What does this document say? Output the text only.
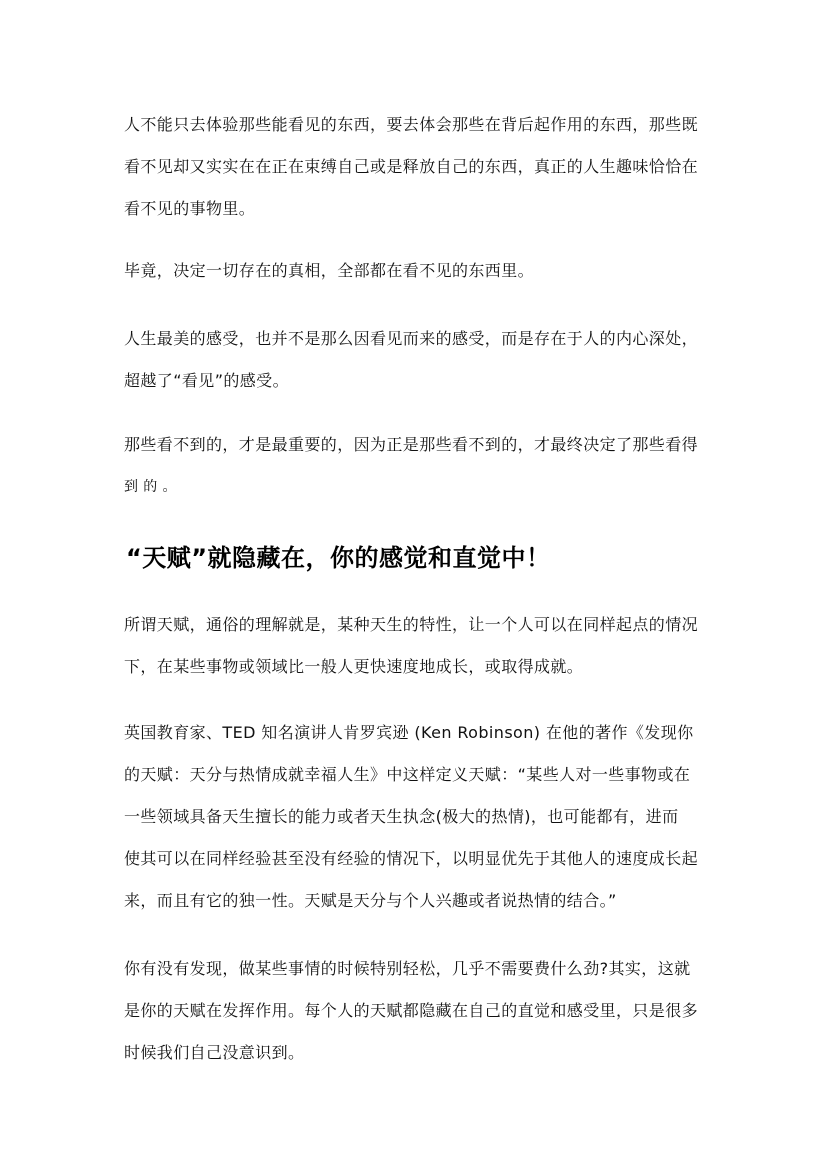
人不能只去体验那些能看见的东西，要去体会那些在背后起作用的东西，那些既
看不见却又实实在在正在束缚自己或是释放自己的东西，真正的人生趣味恰恰在
看不见的事物里。
毕竟，决定一切存在的真相，全部都在看不见的东西里。
人生最美的感受，也并不是那么因看见而来的感受，而是存在于人的内心深处，
超越了“看见”的感受。
那些看不到的，才是最重要的，因为正是那些看不到的，才最终决定了那些看得
到 的 。
“天赋”就隐藏在，你的感觉和直觉中！
所谓天赋，通俗的理解就是，某种天生的特性，让一个人可以在同样起点的情况
下，在某些事物或领域比一般人更快速度地成长，或取得成就。
英国教育家、TED 知名演讲人肯罗宾逊 (Ken Robinson) 在他的著作《发现你
的天赋：天分与热情成就幸福人生》中这样定义天赋：“某些人对一些事物或在
一些领域具备天生擅长的能力或者天生执念(极大的热情)，也可能都有，进而
使其可以在同样经验甚至没有经验的情况下，以明显优先于其他人的速度成长起
来，而且有它的独一性。天赋是天分与个人兴趣或者说热情的结合。”
你有没有发现，做某些事情的时候特别轻松，几乎不需要费什么劲?其实，这就
是你的天赋在发挥作用。每个人的天赋都隐藏在自己的直觉和感受里，只是很多
时候我们自己没意识到。
